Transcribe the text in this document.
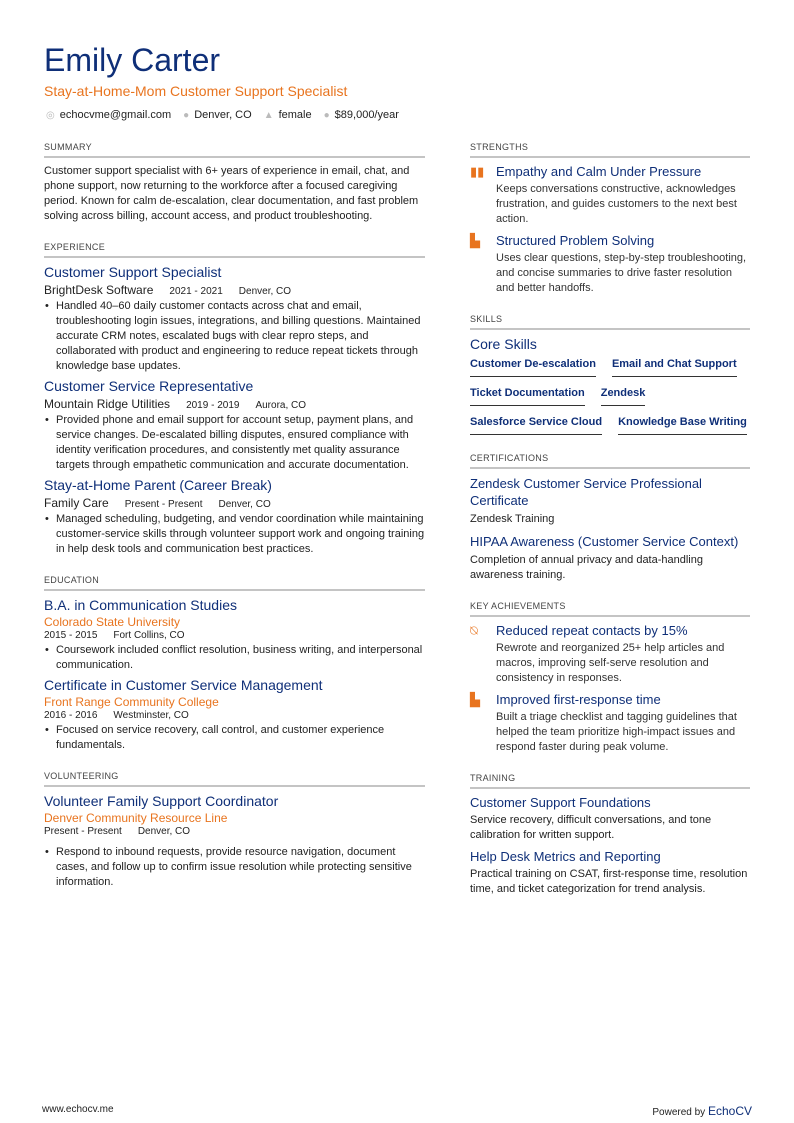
Emily Carter
Stay-at-Home-Mom Customer Support Specialist
◎ echocvme@gmail.com ● Denver, CO ▲ female ● $89,000/year
SUMMARY
Customer support specialist with 6+ years of experience in email, chat, and phone support, now returning to the workforce after a focused caregiving period. Known for calm de-escalation, clear documentation, and fast problem solving across billing, account access, and product troubleshooting.
EXPERIENCE
Customer Support Specialist
BrightDesk Software 2021 - 2021 Denver, CO
• Handled 40–60 daily customer contacts across chat and email, troubleshooting login issues, integrations, and billing questions. Maintained accurate CRM notes, escalated bugs with clear repro steps, and collaborated with product and engineering to reduce repeat tickets through knowledge base updates.
Customer Service Representative
Mountain Ridge Utilities 2019 - 2019 Aurora, CO
• Provided phone and email support for account setup, payment plans, and service changes. De-escalated billing disputes, ensured compliance with identity verification procedures, and consistently met quality assurance targets through empathetic communication and accurate documentation.
Stay-at-Home Parent (Career Break)
Family Care Present - Present Denver, CO
• Managed scheduling, budgeting, and vendor coordination while maintaining customer-service skills through volunteer support work and ongoing training in help desk tools and communication best practices.
EDUCATION
B.A. in Communication Studies
Colorado State University
2015 - 2015 Fort Collins, CO
• Coursework included conflict resolution, business writing, and interpersonal communication.
Certificate in Customer Service Management
Front Range Community College
2016 - 2016 Westminster, CO
• Focused on service recovery, call control, and customer experience fundamentals.
VOLUNTEERING
Volunteer Family Support Coordinator
Denver Community Resource Line
Present - Present Denver, CO
• Respond to inbound requests, provide resource navigation, document cases, and follow up to confirm issue resolution while protecting sensitive information.
STRENGTHS
▮▮ Empathy and Calm Under Pressure
Keeps conversations constructive, acknowledges frustration, and guides customers to the next best action.
▙	Structured Problem Solving
Uses clear questions, step-by-step troubleshooting, and concise summaries to drive faster resolution and better handoffs.
SKILLS
Core Skills
Customer De-escalation Email and Chat Support
Ticket Documentation Zendesk
Salesforce Service Cloud Knowledge Base Writing
CERTIFICATIONS
Zendesk Customer Service Professional Certificate
Zendesk Training
HIPAA Awareness (Customer Service Context)
Completion of annual privacy and data-handling awareness training.
KEY ACHIEVEMENTS
⍉	Reduced repeat contacts by 15%
Rewrote and reorganized 25+ help articles and macros, improving self-serve resolution and consistency in responses.
▙	Improved first-response time
Built a triage checklist and tagging guidelines that helped the team prioritize high-impact issues and respond faster during peak volume.
TRAINING
Customer Support Foundations
Service recovery, difficult conversations, and tone calibration for written support.
Help Desk Metrics and Reporting
Practical training on CSAT, first-response time, resolution time, and ticket categorization for trend analysis.
www.echocv.me	Powered by EchoCV
